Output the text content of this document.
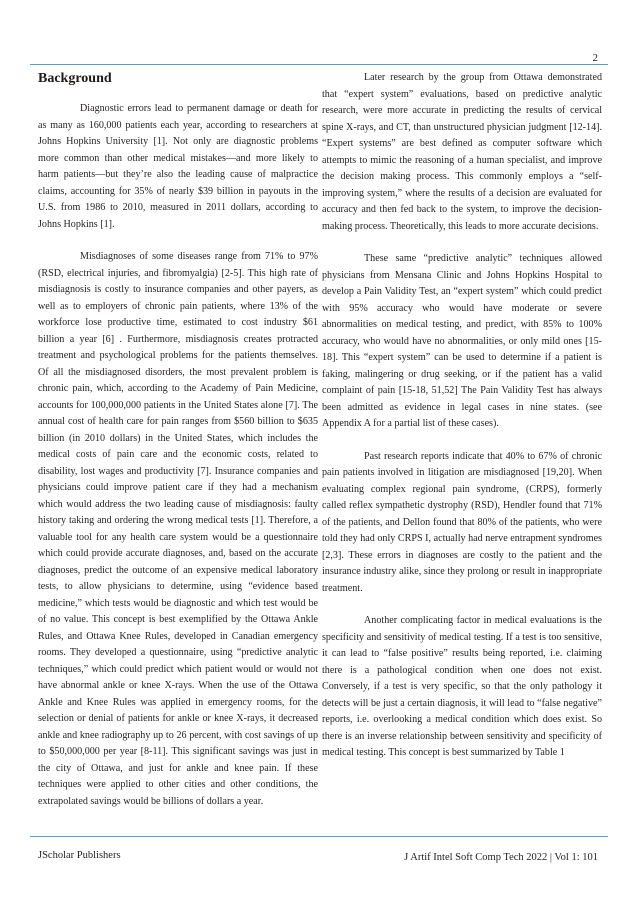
2
Background

Diagnostic errors lead to permanent damage or death for as many as 160,000 patients each year, according to researchers at Johns Hopkins University [1]. Not only are diagnostic problems more common than other medical mistakes—and more likely to harm patients—but they’re also the leading cause of malpractice claims, accounting for 35% of nearly $39 billion in payouts in the U.S. from 1986 to 2010, measured in 2011 dollars, according to Johns Hopkins [1].

Misdiagnoses of some diseases range from 71% to 97% (RSD, electrical injuries, and fibromyalgia) [2-5]. This high rate of misdiagnosis is costly to insurance companies and other payers, as well as to employers of chronic pain patients, where 13% of the workforce lose productive time, estimated to cost industry $61 billion a year [6] . Furthermore, misdiagnosis creates protracted treatment and psychological problems for the patients themselves. Of all the misdiagnosed disorders, the most prevalent problem is chronic pain, which, according to the Academy of Pain Medicine, accounts for 100,000,000 patients in the United States alone [7]. The annual cost of health care for pain ranges from $560 billion to $635 billion (in 2010 dollars) in the United States, which includes the medical costs of pain care and the economic costs, related to disability, lost wages and productivity [7]. Insurance companies and physicians could improve patient care if they had a mechanism which would address the two leading cause of misdiagnosis: faulty history taking and ordering the wrong medical tests [1]. Therefore, a valuable tool for any health care system would be a questionnaire which could provide accurate diagnoses, and, based on the accurate diagnoses, predict the outcome of an expensive medical laboratory tests, to allow physicians to determine, using “evidence based medicine,” which tests would be diagnostic and which test would be of no value. This concept is best exemplified by the Ottawa Ankle Rules, and Ottawa Knee Rules, developed in Canadian emergency rooms. They developed a questionnaire, using “predictive analytic techniques,” which could predict which patient would or would not have abnormal ankle or knee X-rays. When the use of the Ottawa Ankle and Knee Rules was applied in emergency rooms, for the selection or denial of patients for ankle or knee X-rays, it decreased ankle and knee radiography up to 26 percent, with cost savings of up to $50,000,000 per year [8-11]. This significant savings was just in the city of Ottawa, and just for ankle and knee pain. If these techniques were applied to other cities and other conditions, the extrapolated savings would be billions of dollars a year.

Later research by the group from Ottawa demonstrated that “expert system” evaluations, based on predictive analytic research, were more accurate in predicting the results of cervical spine X-rays, and CT, than unstructured physician judgment [12-14]. “Expert systems” are best defined as computer software which attempts to mimic the reasoning of a human specialist, and improve the decision making process. This commonly employs a “self-improving system,” where the results of a decision are evaluated for accuracy and then fed back to the system, to improve the decision-making process. Theoretically, this leads to more accurate decisions.

These same “predictive analytic” techniques allowed physicians from Mensana Clinic and Johns Hopkins Hospital to develop a Pain Validity Test, an “expert system” which could predict with 95% accuracy who would have moderate or severe abnormalities on medical testing, and predict, with 85% to 100% accuracy, who would have no abnormalities, or only mild ones [15-18]. This “expert system” can be used to determine if a patient is faking, malingering or drug seeking, or if the patient has a valid complaint of pain [15-18, 51,52] The Pain Validity Test has always been admitted as evidence in legal cases in nine states. (see Appendix A for a partial list of these cases).

Past research reports indicate that 40% to 67% of chronic pain patients involved in litigation are misdiagnosed [19,20]. When evaluating complex regional pain syndrome, (CRPS), formerly called reflex sympathetic dystrophy (RSD), Hendler found that 71% of the patients, and Dellon found that 80% of the patients, who were told they had only CRPS I, actually had nerve entrapment syndromes [2,3]. These errors in diagnoses are costly to the patient and the insurance industry alike, since they prolong or result in inappropriate treatment.

Another complicating factor in medical evaluations is the specificity and sensitivity of medical testing. If a test is too sensitive, it can lead to “false positive” results being reported, i.e. claiming there is a pathological condition when one does not exist. Conversely, if a test is very specific, so that the only pathology it detects will be just a certain diagnosis, it will lead to “false negative” reports, i.e. overlooking a medical condition which does exist. So there is an inverse relationship between sensitivity and specificity of medical testing. This concept is best summarized by Table 1

JScholar Publishers	J Artif Intel Soft Comp Tech 2022 | Vol 1: 101
